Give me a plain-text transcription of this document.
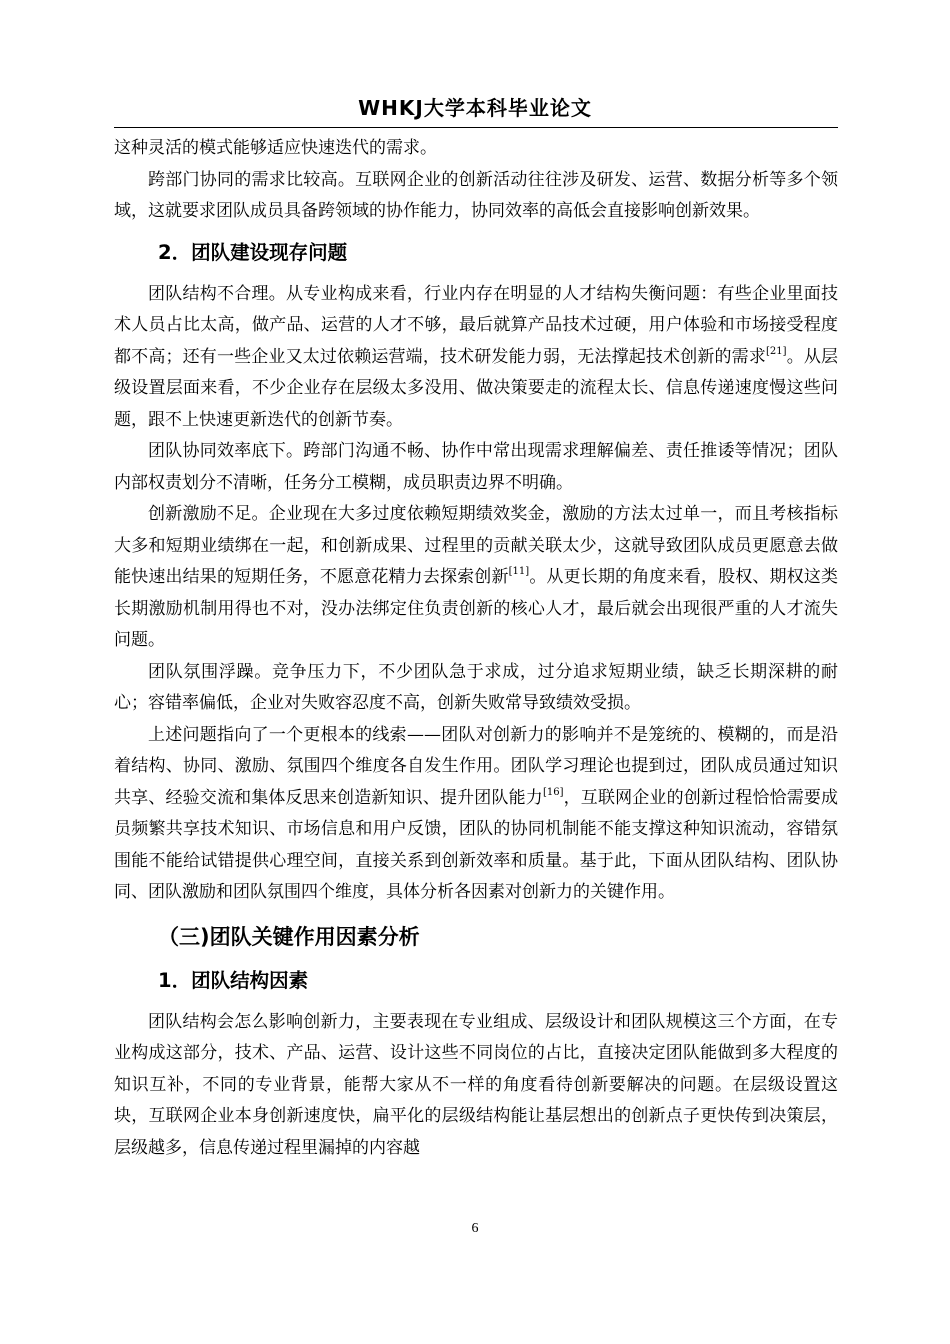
WHKJ大学本科毕业论文

这种灵活的模式能够适应快速迭代的需求。

跨部门协同的需求比较高。互联网企业的创新活动往往涉及研发、运营、数据分析等多个领域，这就要求团队成员具备跨领域的协作能力，协同效率的高低会直接影响创新效果。

2．团队建设现存问题

团队结构不合理。从专业构成来看，行业内存在明显的人才结构失衡问题：有些企业里面技术人员占比太高，做产品、运营的人才不够，最后就算产品技术过硬，用户体验和市场接受程度都不高；还有一些企业又太过依赖运营端，技术研发能力弱，无法撑起技术创新的需求[21]。从层级设置层面来看，不少企业存在层级太多没用、做决策要走的流程太长、信息传递速度慢这些问题，跟不上快速更新迭代的创新节奏。

团队协同效率底下。跨部门沟通不畅、协作中常出现需求理解偏差、责任推诿等情况；团队内部权责划分不清晰，任务分工模糊，成员职责边界不明确。

创新激励不足。企业现在大多过度依赖短期绩效奖金，激励的方法太过单一，而且考核指标大多和短期业绩绑在一起，和创新成果、过程里的贡献关联太少，这就导致团队成员更愿意去做能快速出结果的短期任务，不愿意花精力去探索创新[11]。从更长期的角度来看，股权、期权这类长期激励机制用得也不对，没办法绑定住负责创新的核心人才，最后就会出现很严重的人才流失问题。

团队氛围浮躁。竞争压力下，不少团队急于求成，过分追求短期业绩，缺乏长期深耕的耐心；容错率偏低，企业对失败容忍度不高，创新失败常导致绩效受损。

上述问题指向了一个更根本的线索——团队对创新力的影响并不是笼统的、模糊的，而是沿着结构、协同、激励、氛围四个维度各自发生作用。团队学习理论也提到过，团队成员通过知识共享、经验交流和集体反思来创造新知识、提升团队能力[16]，互联网企业的创新过程恰恰需要成员频繁共享技术知识、市场信息和用户反馈，团队的协同机制能不能支撑这种知识流动，容错氛围能不能给试错提供心理空间，直接关系到创新效率和质量。基于此，下面从团队结构、团队协同、团队激励和团队氛围四个维度，具体分析各因素对创新力的关键作用。

（三)团队关键作用因素分析
1．团队结构因素

团队结构会怎么影响创新力，主要表现在专业组成、层级设计和团队规模这三个方面，在专业构成这部分，技术、产品、运营、设计这些不同岗位的占比，直接决定团队能做到多大程度的知识互补，不同的专业背景，能帮大家从不一样的角度看待创新要解决的问题。在层级设置这块，互联网企业本身创新速度快，扁平化的层级结构能让基层想出的创新点子更快传到决策层，层级越多，信息传递过程里漏掉的内容越

6
